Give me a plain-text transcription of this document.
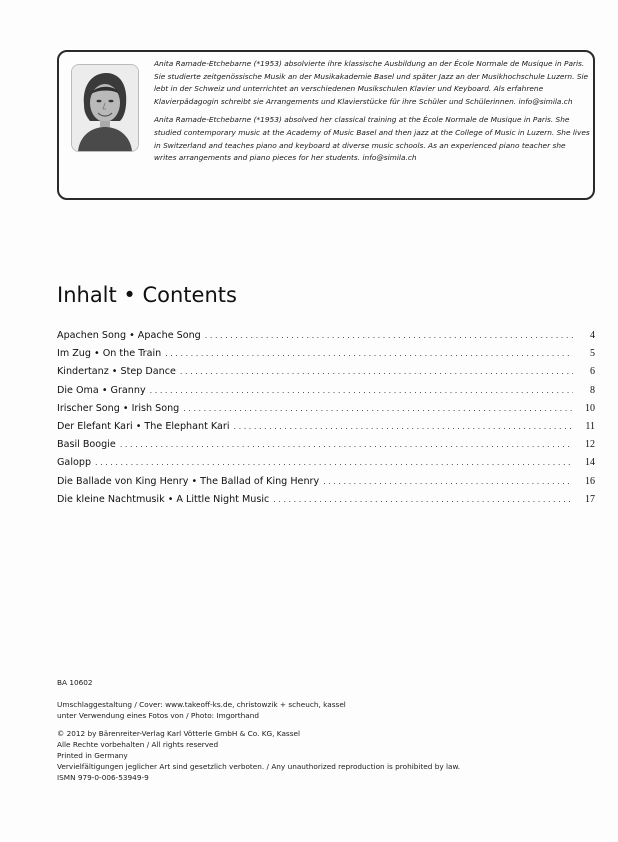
Anita Ramade-Etchebarne (*1953) absolvierte ihre klassische Ausbildung an der École Normale de Musique in Paris. Sie studierte zeitgenössische Musik an der Musikakademie Basel und später Jazz an der Musikhochschule Luzern. Sie lebt in der Schweiz und unterrichtet an verschiedenen Musikschulen Klavier und Keyboard. Als erfahrene Klavierpädagogin schreibt sie Arrangements und Klavierstücke für ihre Schüler und Schülerinnen. info@simila.ch

Anita Ramade-Etchebarne (*1953) absolved her classical training at the École Normale de Musique in Paris. She studied contemporary music at the Academy of Music Basel and then jazz at the College of Music in Luzern. She lives in Switzerland and teaches piano and keyboard at diverse music schools. As an experienced piano teacher she writes arrangements and piano pieces for her students. info@simila.ch

Inhalt • Contents
Apachen Song • Apache Song . . .	4
Im Zug • On the Train . . .	5
Kindertanz • Step Dance . . .	6
Die Oma • Granny . . .	8
Irischer Song • Irish Song . . .	10
Der Elefant Kari • The Elephant Kari . . .	11
Basil Boogie . . .	12
Galopp . . .	14
Die Ballade von King Henry • The Ballad of King Henry . . .	16
Die kleine Nachtmusik • A Little Night Music . . .	17
BA 10602
Umschlaggestaltung / Cover: www.takeoff-ks.de, christowzik + scheuch, kassel
unter Verwendung eines Fotos von / Photo: Imgorthand
© 2012 by Bärenreiter-Verlag Karl Vötterle GmbH & Co. KG, Kassel
Alle Rechte vorbehalten / All rights reserved
Printed in Germany
Vervielfältigungen jeglicher Art sind gesetzlich verboten. / Any unauthorized reproduction is prohibited by law.
ISMN 979-0-006-53949-9
